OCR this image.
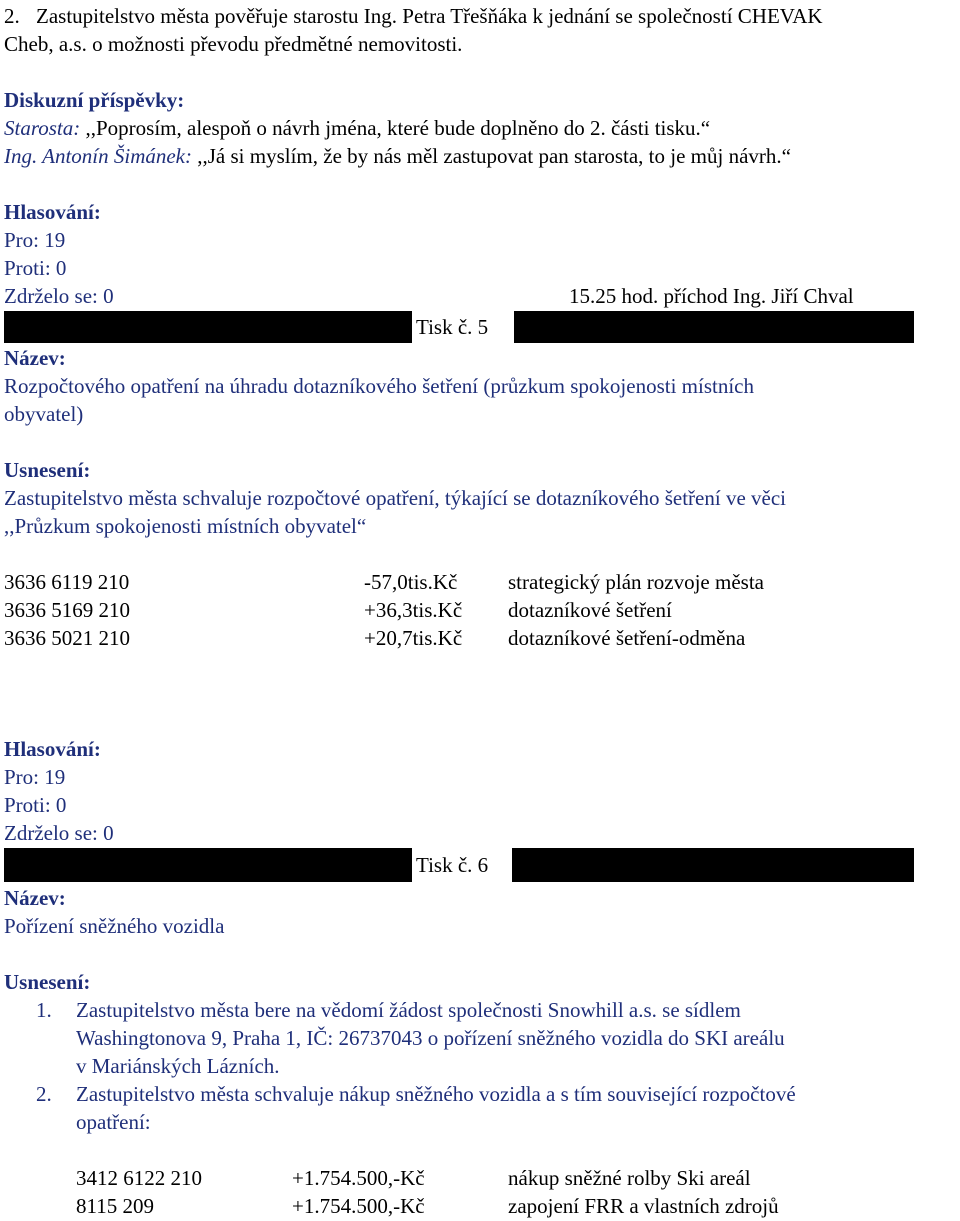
2. Zastupitelstvo města pověřuje starostu Ing. Petra Třešňáka k jednání se společností CHEVAK
Cheb, a.s. o možnosti převodu předmětné nemovitosti.
Diskuzní příspěvky:
Starosta: ,,Poprosím, alespoň o návrh jména, které bude doplněno do 2. části tisku.“
Ing. Antonín Šimánek: ,,Já si myslím, že by nás měl zastupovat pan starosta, to je můj návrh.“
Hlasování:
Pro: 19
Proti: 0
Zdrželo se: 0	15.25 hod. příchod Ing. Jiří Chval
Tisk č. 5
Název:
Rozpočtového opatření na úhradu dotazníkového šetření (průzkum spokojenosti místních
obyvatel)
Usnesení:
Zastupitelstvo města schvaluje rozpočtové opatření, týkající se dotazníkového šetření ve věci
,,Průzkum spokojenosti místních obyvatel“
3636 6119 210	-57,0tis.Kč strategický plán rozvoje města
3636 5169 210	+36,3tis.Kč dotazníkové šetření
3636 5021 210	+20,7tis.Kč dotazníkové šetření-odměna
Hlasování:
Pro: 19
Proti: 0
Zdrželo se: 0
Tisk č. 6
Název:
Pořízení sněžného vozidla
Usnesení:
1. Zastupitelstvo města bere na vědomí žádost společnosti Snowhill a.s. se sídlem
Washingtonova 9, Praha 1, IČ: 26737043 o pořízení sněžného vozidla do SKI areálu
v Mariánských Lázních.
2. Zastupitelstvo města schvaluje nákup sněžného vozidla a s tím související rozpočtové
opatření:
3412 6122 210	+1.754.500,-Kč	nákup sněžné rolby Ski areál
8115 209	+1.754.500,-Kč	zapojení FRR a vlastních zdrojů
